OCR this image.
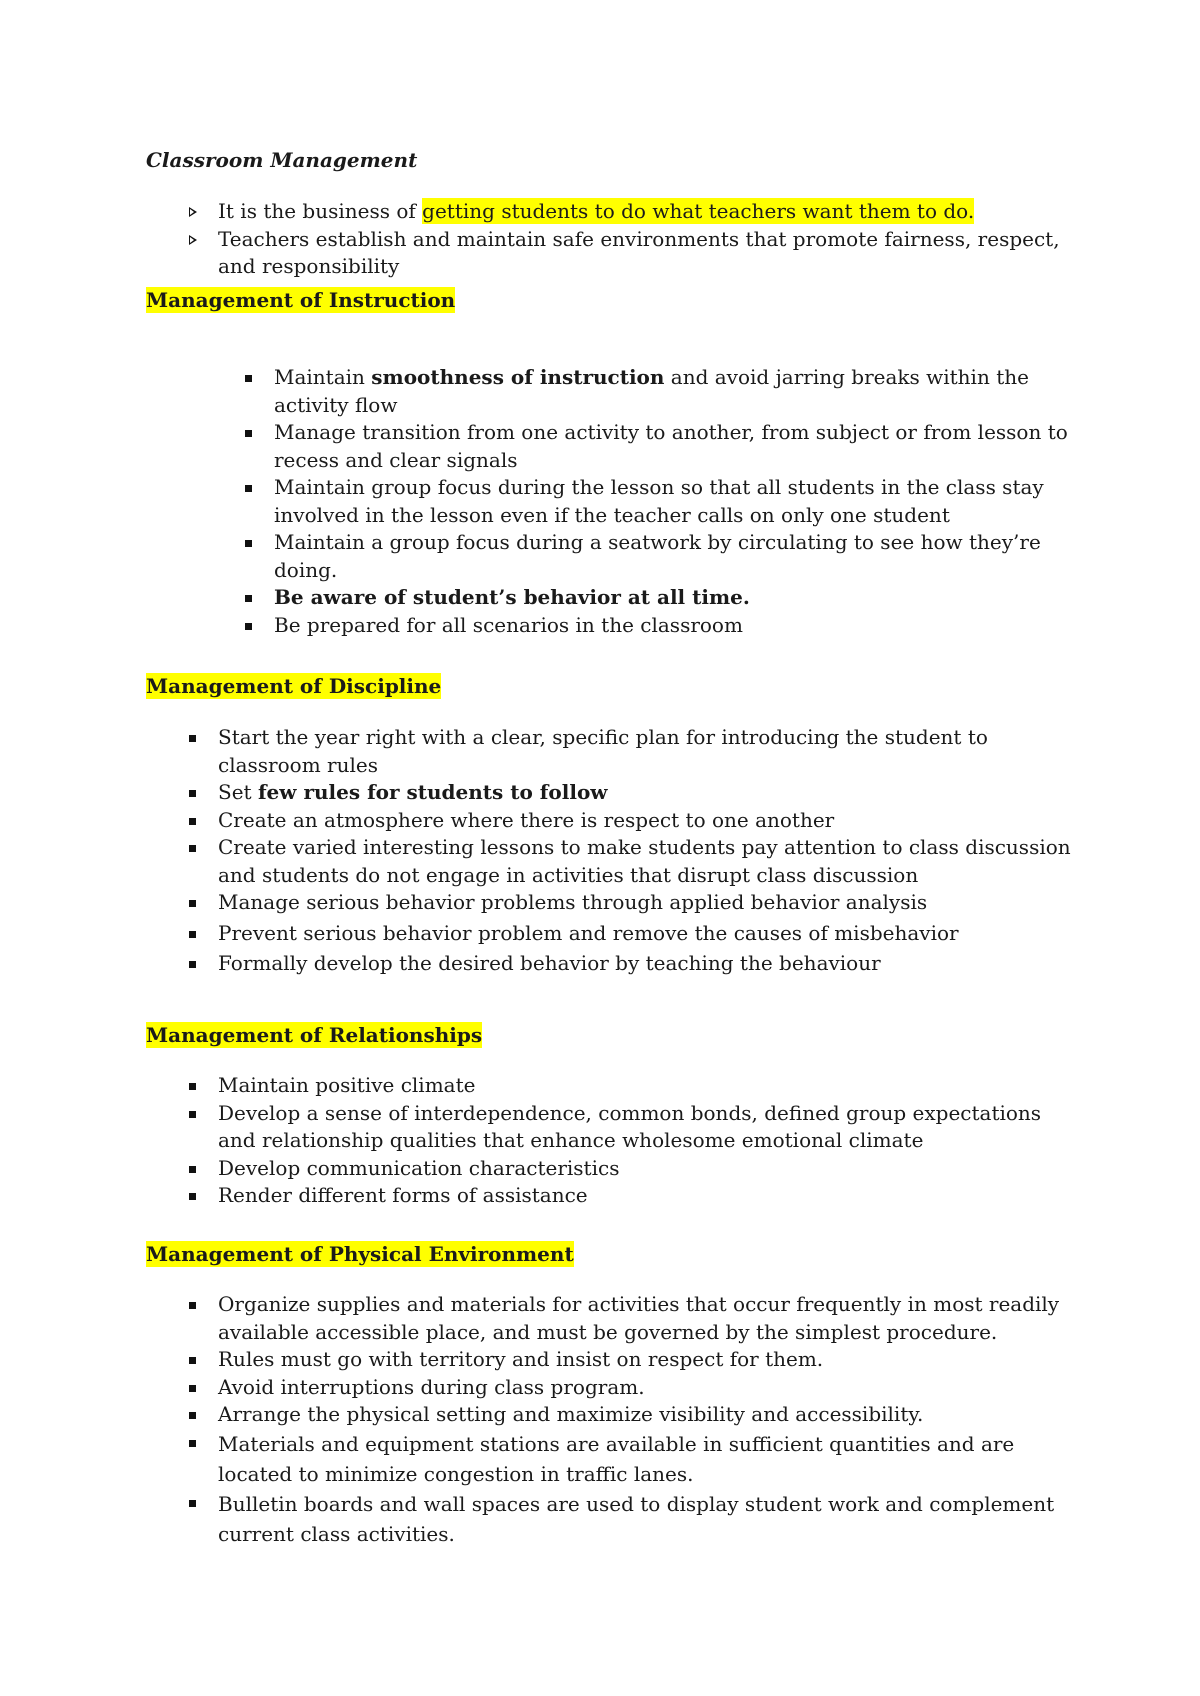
Classroom Management
It is the business of getting students to do what teachers want them to do.
Teachers establish and maintain safe environments that promote fairness, respect, and responsibility
Management of Instruction
Maintain smoothness of instruction and avoid jarring breaks within the activity flow
Manage transition from one activity to another, from subject or from lesson to recess and clear signals
Maintain group focus during the lesson so that all students in the class stay involved in the lesson even if the teacher calls on only one student
Maintain a group focus during a seatwork by circulating to see how they’re doing.
Be aware of student’s behavior at all time.
Be prepared for all scenarios in the classroom
Management of Discipline
Start the year right with a clear, specific plan for introducing the student to classroom rules
Set few rules for students to follow
Create an atmosphere where there is respect to one another
Create varied interesting lessons to make students pay attention to class discussion and students do not engage in activities that disrupt class discussion
Manage serious behavior problems through applied behavior analysis
Prevent serious behavior problem and remove the causes of misbehavior
Formally develop the desired behavior by teaching the behaviour
Management of Relationships
Maintain positive climate
Develop a sense of interdependence, common bonds, defined group expectations and relationship qualities that enhance wholesome emotional climate
Develop communication characteristics
Render different forms of assistance
Management of Physical Environment
Organize supplies and materials for activities that occur frequently in most readily available accessible place, and must be governed by the simplest procedure.
Rules must go with territory and insist on respect for them.
Avoid interruptions during class program.
Arrange the physical setting and maximize visibility and accessibility.
Materials and equipment stations are available in sufficient quantities and are located to minimize congestion in traffic lanes.
Bulletin boards and wall spaces are used to display student work and complement current class activities.
